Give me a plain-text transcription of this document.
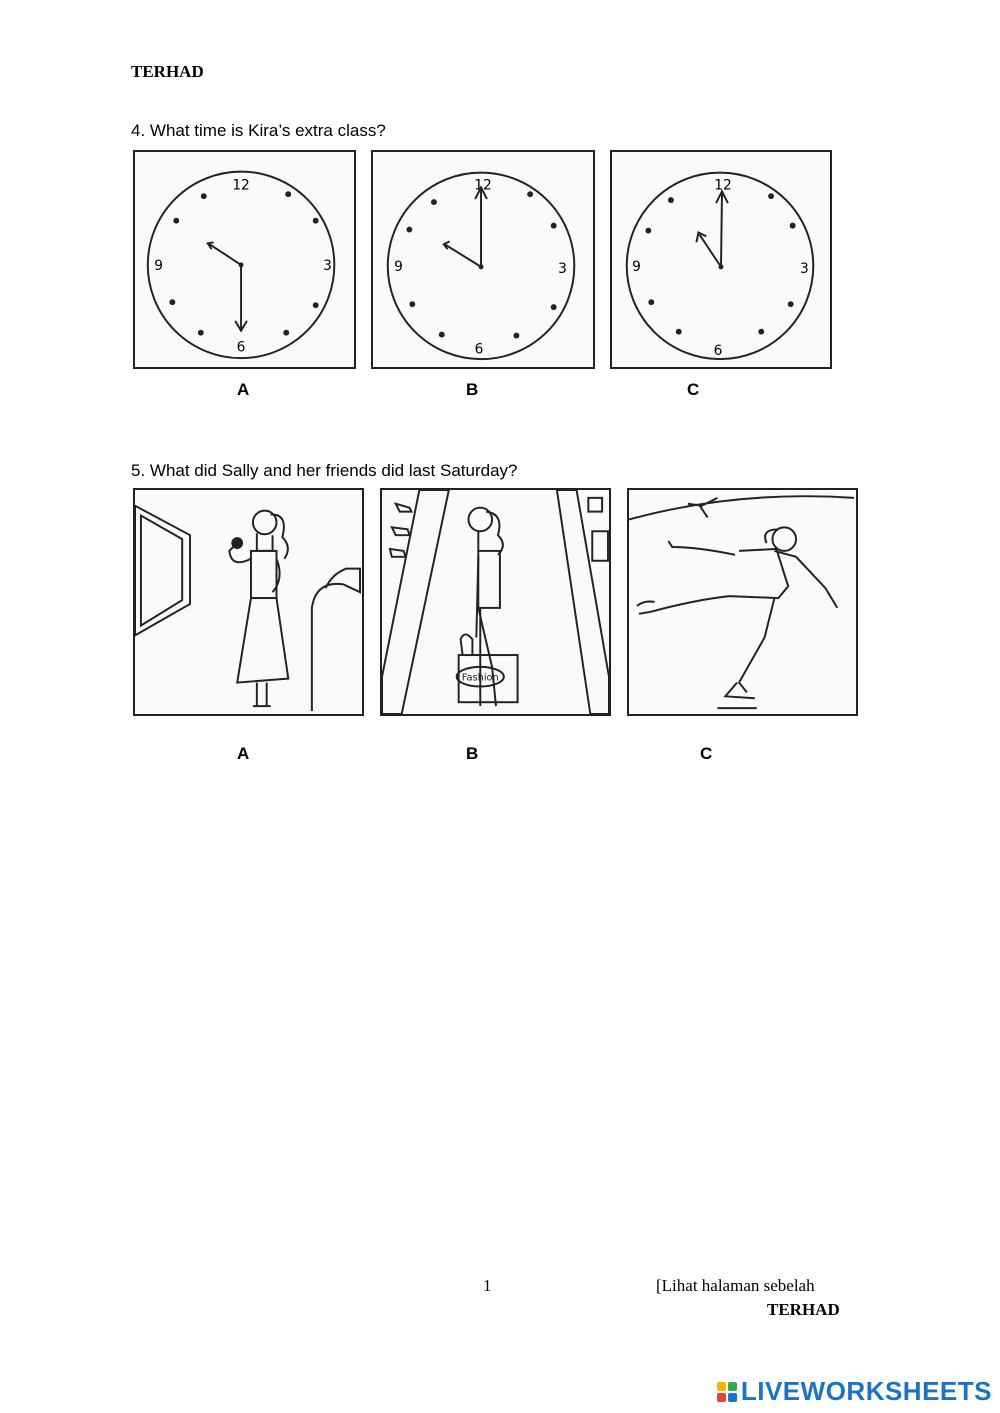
TERHAD
4. What time is Kira’s extra class?
12
3
6
9
A
12
3
6
9
B
12
3
6
9
C
5. What did Sally and her friends did last Saturday?
A
Fashion
B	C
1	[Lihat halaman sebelah
TERHAD
LIVEWORKSHEETS
